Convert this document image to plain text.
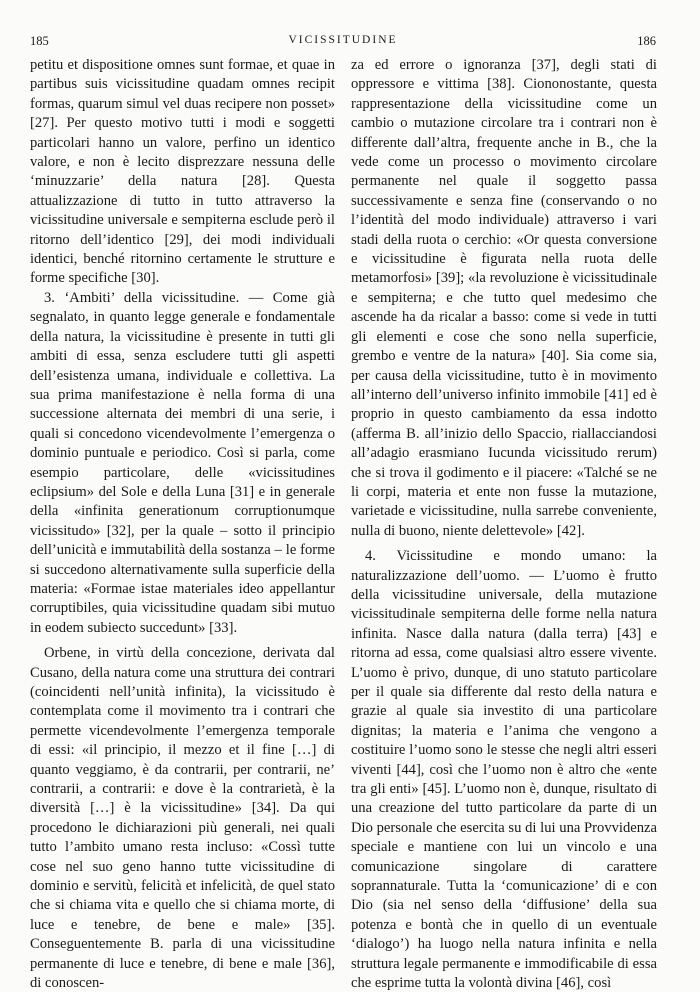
185	VICISSITUDINE	186

petitu et dispositione omnes sunt formae, et quae in partibus suis vicissitudine quadam omnes recipit formas, quarum simul vel duas recipere non posset» [27]. Per questo motivo tutti i modi e soggetti particolari hanno un valore, perfino un identico valore, e non è lecito disprezzare nessuna delle ‘minuzzarie’ della natura [28]. Questa attualizzazione di tutto in tutto attraverso la vicissitudine universale e sempiterna esclude però il ritorno dell’identico [29], dei modi individuali identici, benché ritornino certamente le strutture e forme specifiche [30].

3. ‘Ambiti’ della vicissitudine. — Come già segnalato, in quanto legge generale e fondamentale della natura, la vicissitudine è presente in tutti gli ambiti di essa, senza escludere tutti gli aspetti dell’esistenza umana, individuale e collettiva. La sua prima manifestazione è nella forma di una successione alternata dei membri di una serie, i quali si concedono vicendevolmente l’emergenza o dominio puntuale e periodico. Così si parla, come esempio particolare, delle «vicissitudines eclipsium» del Sole e della Luna [31] e in generale della «infinita generationum corruptionumque vicissitudo» [32], per la quale – sotto il principio dell’unicità e immutabilità della sostanza – le forme si succedono alternativamente sulla superficie della materia: «Formae istae materiales ideo appellantur corruptibiles, quia vicissitudine quadam sibi mutuo in eodem subiecto succedunt» [33].

Orbene, in virtù della concezione, derivata dal Cusano, della natura come una struttura dei contrari (coincidenti nell’unità infinita), la vicissitudo è contemplata come il movimento tra i contrari che permette vicendevolmente l’emergenza temporale di essi: «il principio, il mezzo et il fine […] di quanto veggiamo, è da contrarii, per contrarii, ne’ contrarii, a contrarii: e dove è la contrarietà, è la diversità […] è la vicissitudine» [34]. Da qui procedono le dichiarazioni più generali, nei quali tutto l’ambito umano resta incluso: «Cossì tutte cose nel suo geno hanno tutte vicissitudine di dominio e servitù, felicità et infelicità, de quel stato che si chiama vita e quello che si chiama morte, di luce e tenebre, de bene e male» [35]. Conseguentemente B. parla di una vicissitudine permanente di luce e tenebre, di bene e male [36], di conoscen-

za ed errore o ignoranza [37], degli stati di oppressore e vittima [38]. Ciononostante, questa rappresentazione della vicissitudine come un cambio o mutazione circolare tra i contrari non è differente dall’altra, frequente anche in B., che la vede come un processo o movimento circolare permanente nel quale il soggetto passa successivamente e senza fine (conservando o no l’identità del modo individuale) attraverso i vari stadi della ruota o cerchio: «Or questa conversione e vicissitudine è figurata nella ruota delle metamorfosi» [39]; «la revoluzione è vicissitudinale e sempiterna; e che tutto quel medesimo che ascende ha da ricalar a basso: come si vede in tutti gli elementi e cose che sono nella superficie, grembo e ventre de la natura» [40]. Sia come sia, per causa della vicissitudine, tutto è in movimento all’interno dell’universo infinito immobile [41] ed è proprio in questo cambiamento da essa indotto (afferma B. all’inizio dello Spaccio, riallacciandosi all’adagio erasmiano Iucunda vicissitudo rerum) che si trova il godimento e il piacere: «Talché se ne li corpi, materia et ente non fusse la mutazione, varietade e vicissitudine, nulla sarrebe conveniente, nulla di buono, niente delettevole» [42].

4. Vicissitudine e mondo umano: la naturalizzazione dell’uomo. — L’uomo è frutto della vicissitudine universale, della mutazione vicissitudinale sempiterna delle forme nella natura infinita. Nasce dalla natura (dalla terra) [43] e ritorna ad essa, come qualsiasi altro essere vivente. L’uomo è privo, dunque, di uno statuto particolare per il quale sia differente dal resto della natura e grazie al quale sia investito di una particolare dignitas; la materia e l’anima che vengono a costituire l’uomo sono le stesse che negli altri esseri viventi [44], così che l’uomo non è altro che «ente tra gli enti» [45]. L’uomo non è, dunque, risultato di una creazione del tutto particolare da parte di un Dio personale che esercita su di lui una Provvidenza speciale e mantiene con lui un vincolo e una comunicazione singolare di carattere soprannaturale. Tutta la ‘comunicazione’ di e con Dio (sia nel senso della ‘diffusione’ della sua potenza e bontà che in quello di un eventuale ‘dialogo’) ha luogo nella natura infinita e nella struttura legale permanente e immodificabile di essa che esprime tutta la volontà divina [46], così
